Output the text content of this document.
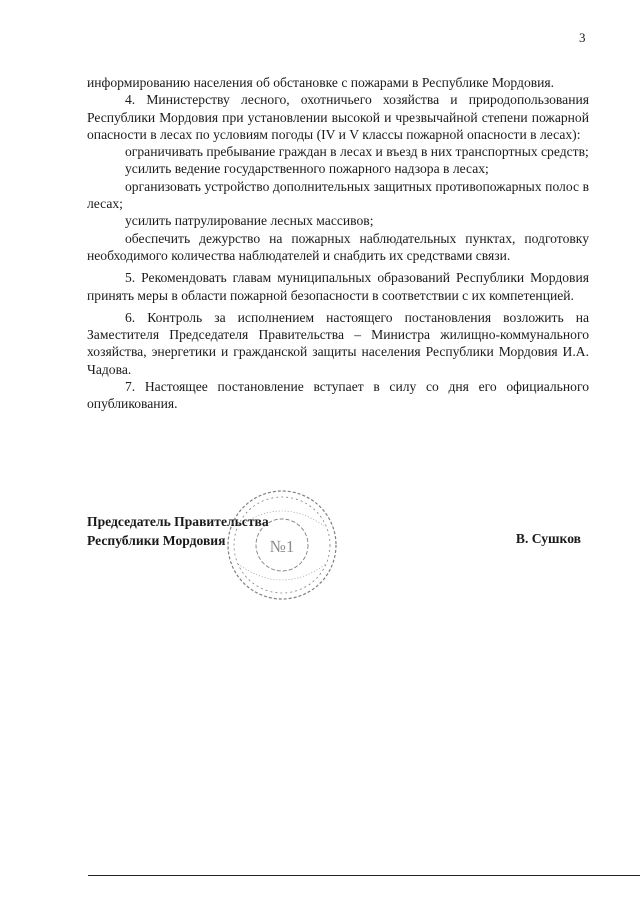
3

информированию населения об обстановке с пожарами в Республике Мордовия.

4. Министерству лесного, охотничьего хозяйства и природопользования Республики Мордовия при установлении высокой и чрезвычайной степени пожарной опасности в лесах по условиям погоды (IV и V классы пожарной опасности в лесах):

ограничивать пребывание граждан в лесах и въезд в них транспортных средств;

усилить ведение государственного пожарного надзора в лесах;

организовать устройство дополнительных защитных противопожарных полос в лесах;

усилить патрулирование лесных массивов;

обеспечить дежурство на пожарных наблюдательных пунктах, подготовку необходимого количества наблюдателей и снабдить их средствами связи.

5. Рекомендовать главам муниципальных образований Республики Мордовия принять меры в области пожарной безопасности в соответствии с их компетенцией.

6. Контроль за исполнением настоящего постановления возложить на Заместителя Председателя Правительства – Министра жилищно-коммунального хозяйства, энергетики и гражданской защиты населения Республики Мордовия И.А. Чадова.

7. Настоящее постановление вступает в силу со дня его официального опубликования.

Председатель Правительства
Республики Мордовия	В. Сушков
№1
